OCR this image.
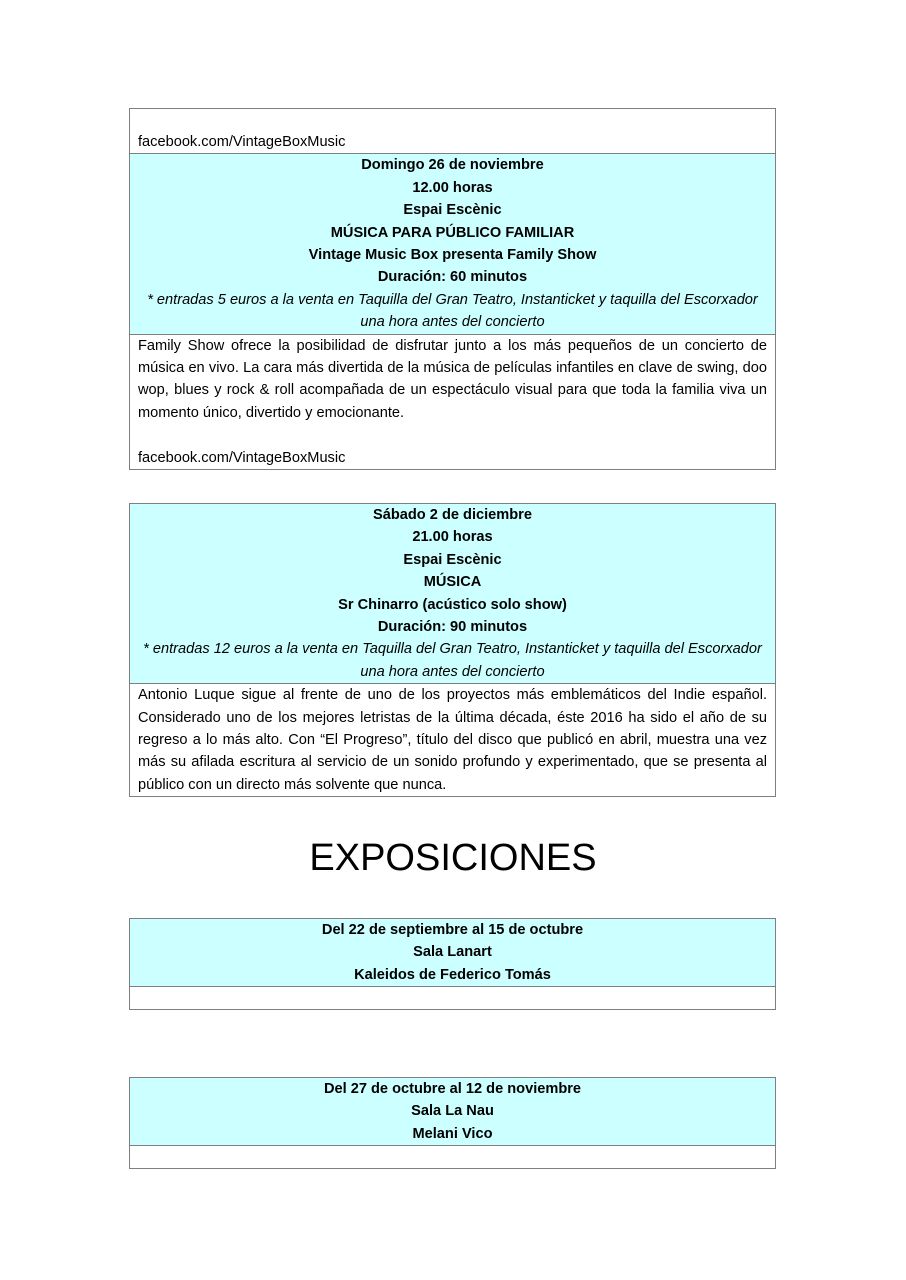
facebook.com/VintageBoxMusic
Domingo 26 de noviembre
12.00 horas
Espai Escènic
MÚSICA PARA PÚBLICO FAMILIAR
Vintage Music Box presenta Family Show
Duración: 60 minutos
* entradas 5 euros a la venta en Taquilla del Gran Teatro, Instanticket y taquilla del Escorxador una hora antes del concierto
Family Show ofrece la posibilidad de disfrutar junto a los más pequeños de un concierto de música en vivo. La cara más divertida de la música de películas infantiles en clave de swing, doo wop, blues y rock & roll acompañada de un espectáculo visual para que toda la familia viva un momento único, divertido y emocionante.
facebook.com/VintageBoxMusic
Sábado 2 de diciembre
21.00 horas
Espai Escènic
MÚSICA
Sr Chinarro (acústico solo show)
Duración: 90 minutos
* entradas 12 euros a la venta en Taquilla del Gran Teatro, Instanticket y taquilla del Escorxador una hora antes del concierto
Antonio Luque sigue al frente de uno de los proyectos más emblemáticos del Indie español. Considerado uno de los mejores letristas de la última década, éste 2016 ha sido el año de su regreso a lo más alto. Con “El Progreso”, título del disco que publicó en abril, muestra una vez más su afilada escritura al servicio de un sonido profundo y experimentado, que se presenta al público con un directo más solvente que nunca.
EXPOSICIONES
Del 22 de septiembre al 15 de octubre
Sala Lanart
Kaleidos de Federico Tomás
Del 27 de octubre al 12 de noviembre
Sala La Nau
Melani Vico
